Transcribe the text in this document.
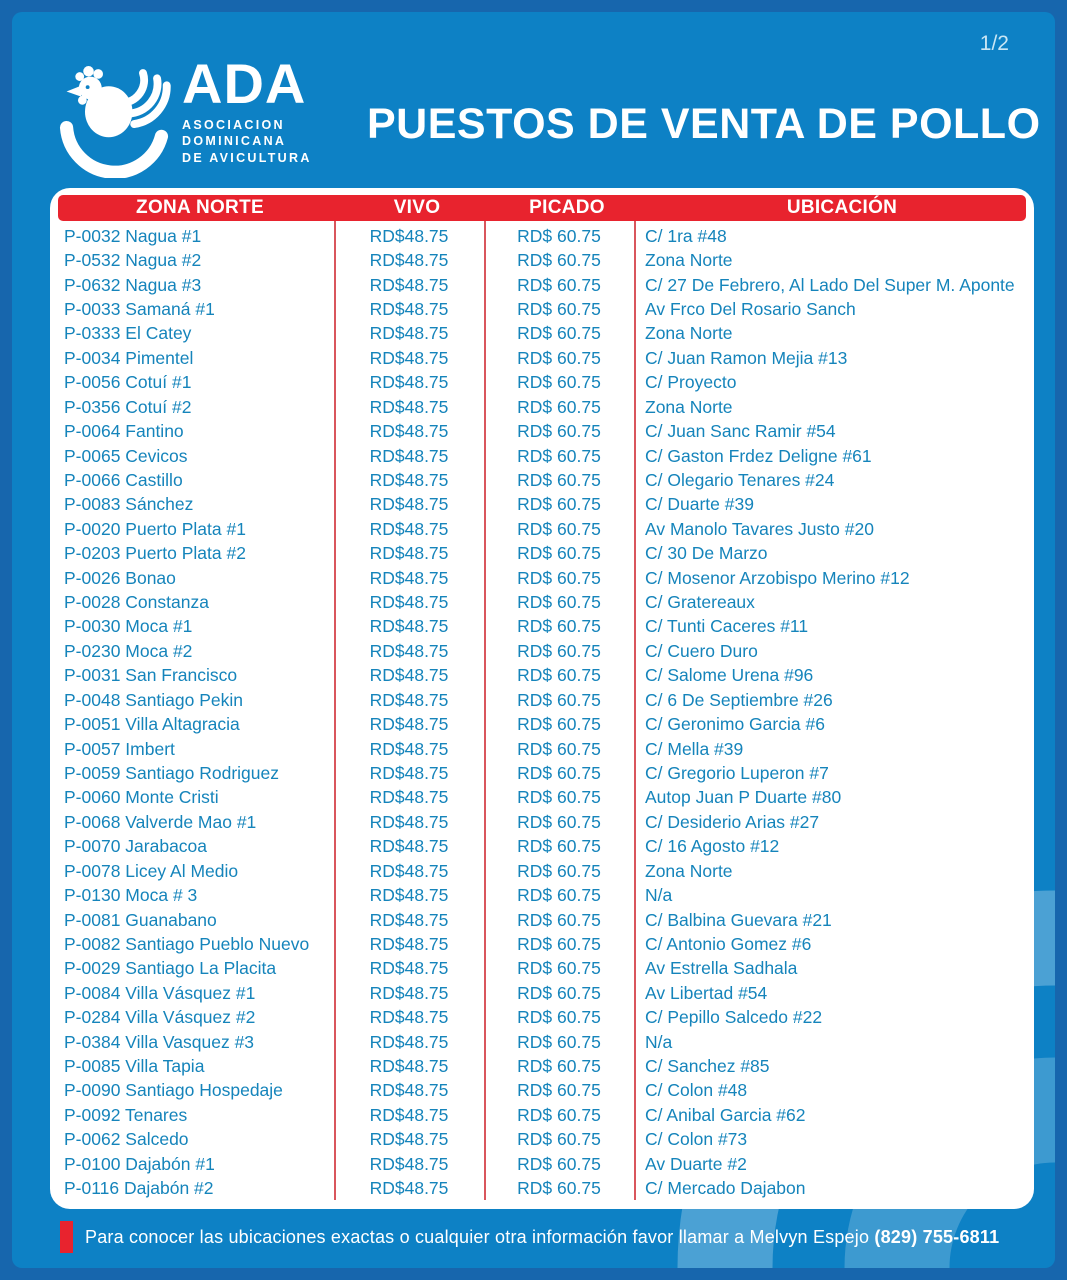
ADA
ASOCIACION
DOMINICANA
DE AVICULTURA
PUESTOS DE VENTA DE POLLO
1/2
ZONA NORTE	VIVO	PICADO	UBICACIÓN
P-0032 Nagua #1	RD$48.75	RD$ 60.75	C/ 1ra #48
P-0532 Nagua #2	RD$48.75	RD$ 60.75	Zona Norte
P-0632 Nagua #3	RD$48.75	RD$ 60.75	C/ 27 De Febrero, Al Lado Del Super M. Aponte
P-0033 Samaná #1	RD$48.75	RD$ 60.75	Av Frco Del Rosario Sanch
P-0333 El Catey	RD$48.75	RD$ 60.75	Zona Norte
P-0034 Pimentel	RD$48.75	RD$ 60.75	C/ Juan Ramon Mejia #13
P-0056 Cotuí #1	RD$48.75	RD$ 60.75	C/ Proyecto
P-0356 Cotuí #2	RD$48.75	RD$ 60.75	Zona Norte
P-0064 Fantino	RD$48.75	RD$ 60.75	C/ Juan Sanc Ramir #54
P-0065 Cevicos	RD$48.75	RD$ 60.75	C/ Gaston Frdez Deligne #61
P-0066 Castillo	RD$48.75	RD$ 60.75	C/ Olegario Tenares #24
P-0083 Sánchez	RD$48.75	RD$ 60.75	C/ Duarte #39
P-0020 Puerto Plata #1	RD$48.75	RD$ 60.75	Av Manolo Tavares Justo #20
P-0203 Puerto Plata #2	RD$48.75	RD$ 60.75	C/ 30 De Marzo
P-0026 Bonao	RD$48.75	RD$ 60.75	C/ Mosenor Arzobispo Merino #12
P-0028 Constanza	RD$48.75	RD$ 60.75	C/ Gratereaux
P-0030 Moca #1	RD$48.75	RD$ 60.75	C/ Tunti Caceres #11
P-0230 Moca #2	RD$48.75	RD$ 60.75	C/ Cuero Duro
P-0031 San Francisco	RD$48.75	RD$ 60.75	C/ Salome Urena #96
P-0048 Santiago Pekin	RD$48.75	RD$ 60.75	C/ 6 De Septiembre #26
P-0051 Villa Altagracia	RD$48.75	RD$ 60.75	C/ Geronimo Garcia #6
P-0057 Imbert	RD$48.75	RD$ 60.75	C/ Mella #39
P-0059 Santiago Rodriguez	RD$48.75	RD$ 60.75	C/ Gregorio Luperon #7
P-0060 Monte Cristi	RD$48.75	RD$ 60.75	Autop Juan P Duarte #80
P-0068 Valverde Mao #1	RD$48.75	RD$ 60.75	C/ Desiderio Arias #27
P-0070 Jarabacoa	RD$48.75	RD$ 60.75	C/ 16 Agosto #12
P-0078 Licey Al Medio	RD$48.75	RD$ 60.75	Zona Norte
P-0130 Moca # 3	RD$48.75	RD$ 60.75	N/a
P-0081 Guanabano	RD$48.75	RD$ 60.75	C/ Balbina Guevara #21
P-0082 Santiago Pueblo Nuevo	RD$48.75	RD$ 60.75	C/ Antonio Gomez #6
P-0029 Santiago La Placita	RD$48.75	RD$ 60.75	Av Estrella Sadhala
P-0084 Villa Vásquez #1	RD$48.75	RD$ 60.75	Av Libertad #54
P-0284 Villa Vásquez #2	RD$48.75	RD$ 60.75	C/ Pepillo Salcedo #22
P-0384 Villa Vasquez #3	RD$48.75	RD$ 60.75	N/a
P-0085 Villa Tapia	RD$48.75	RD$ 60.75	C/ Sanchez #85
P-0090 Santiago Hospedaje	RD$48.75	RD$ 60.75	C/ Colon #48
P-0092 Tenares	RD$48.75	RD$ 60.75	C/ Anibal Garcia #62
P-0062 Salcedo	RD$48.75	RD$ 60.75	C/ Colon #73
P-0100 Dajabón #1	RD$48.75	RD$ 60.75	Av Duarte #2
P-0116 Dajabón #2	RD$48.75	RD$ 60.75	C/ Mercado Dajabon
Para conocer las ubicaciones exactas o cualquier otra información favor llamar a Melvyn Espejo (829) 755-6811
